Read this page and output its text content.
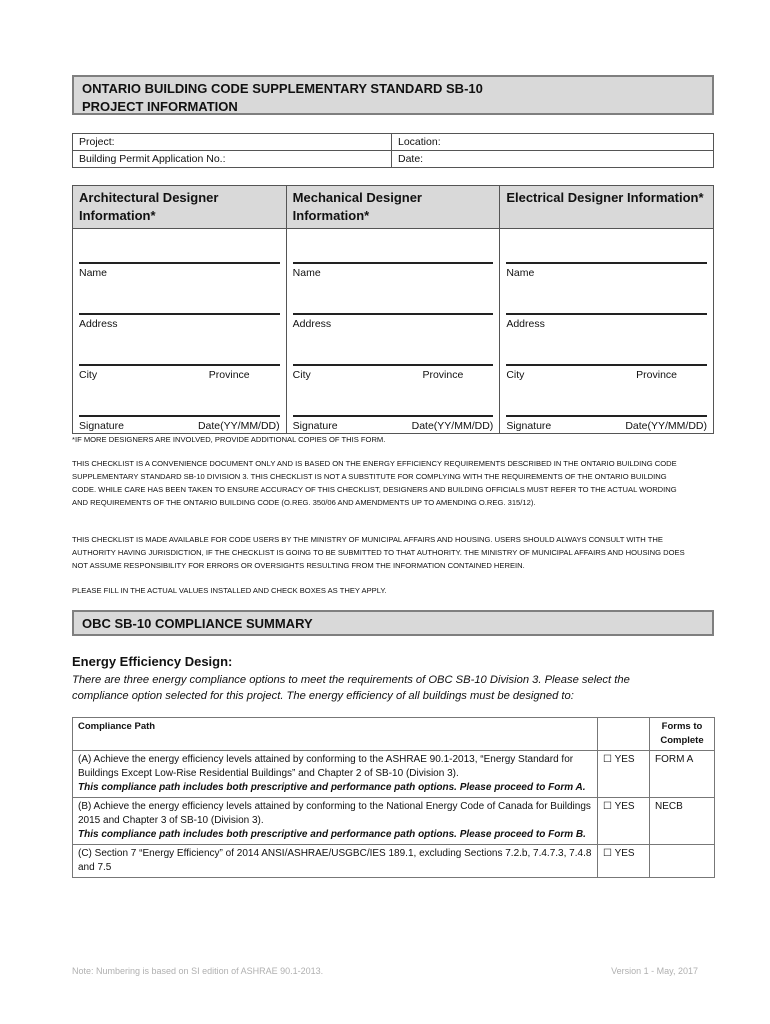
ONTARIO BUILDING CODE SUPPLEMENTARY STANDARD SB-10
PROJECT INFORMATION
Project:	Location:
Building Permit Application No.:	Date:
Architectural Designer Information*	Mechanical Designer Information*	Electrical Designer Information*

Name	Name	Name

Address	Address	Address

City Province	City Province	City Province

Signature Date(YY/MM/DD)	Signature Date(YY/MM/DD)	Signature Date(YY/MM/DD)
*IF MORE DESIGNERS ARE INVOLVED, PROVIDE ADDITIONAL COPIES OF THIS FORM.
THIS CHECKLIST IS A CONVENIENCE DOCUMENT ONLY AND IS BASED ON THE ENERGY EFFICIENCY REQUIREMENTS DESCRIBED IN THE ONTARIO BUILDING CODE SUPPLEMENTARY STANDARD SB-10 DIVISION 3. THIS CHECKLIST IS NOT A SUBSTITUTE FOR COMPLYING WITH THE REQUIREMENTS OF THE ONTARIO BUILDING CODE. WHILE CARE HAS BEEN TAKEN TO ENSURE ACCURACY OF THIS CHECKLIST, DESIGNERS AND BUILDING OFFICIALS MUST REFER TO THE ACTUAL WORDING AND REQUIREMENTS OF THE ONTARIO BUILDING CODE (O.REG. 350/06 AND AMENDMENTS UP TO AMENDING O.REG. 315/12).
THIS CHECKLIST IS MADE AVAILABLE FOR CODE USERS BY THE MINISTRY OF MUNICIPAL AFFAIRS AND HOUSING. USERS SHOULD ALWAYS CONSULT WITH THE AUTHORITY HAVING JURISDICTION, IF THE CHECKLIST IS GOING TO BE SUBMITTED TO THAT AUTHORITY. THE MINISTRY OF MUNICIPAL AFFAIRS AND HOUSING DOES NOT ASSUME RESPONSIBILITY FOR ERRORS OR OVERSIGHTS RESULTING FROM THE INFORMATION CONTAINED HEREIN.
PLEASE FILL IN THE ACTUAL VALUES INSTALLED AND CHECK BOXES AS THEY APPLY.
OBC SB-10 COMPLIANCE SUMMARY
Energy Efficiency Design:
There are three energy compliance options to meet the requirements of OBC SB-10 Division 3. Please select the compliance option selected for this project. The energy efficiency of all buildings must be designed to:
Compliance Path		Forms to Complete

(A) Achieve the energy efficiency levels attained by conforming to the ASHRAE 90.1-2013, “Energy Standard for Buildings Except Low-Rise Residential Buildings” and Chapter 2 of SB-10 (Division 3).
This compliance path includes both prescriptive and performance path options. Please proceed to Form A.	☐ YES	FORM A

(B) Achieve the energy efficiency levels attained by conforming to the National Energy Code of Canada for Buildings 2015 and Chapter 3 of SB-10 (Division 3).
This compliance path includes both prescriptive and performance path options. Please proceed to Form B.	☐ YES	NECB

(C) Section 7 “Energy Efficiency” of 2014 ANSI/ASHRAE/USGBC/IES 189.1, excluding Sections 7.2.b, 7.4.7.3, 7.4.8 and 7.5	☐ YES	
Note: Numbering is based on SI edition of ASHRAE 90.1-2013.	Version 1 - May, 2017
